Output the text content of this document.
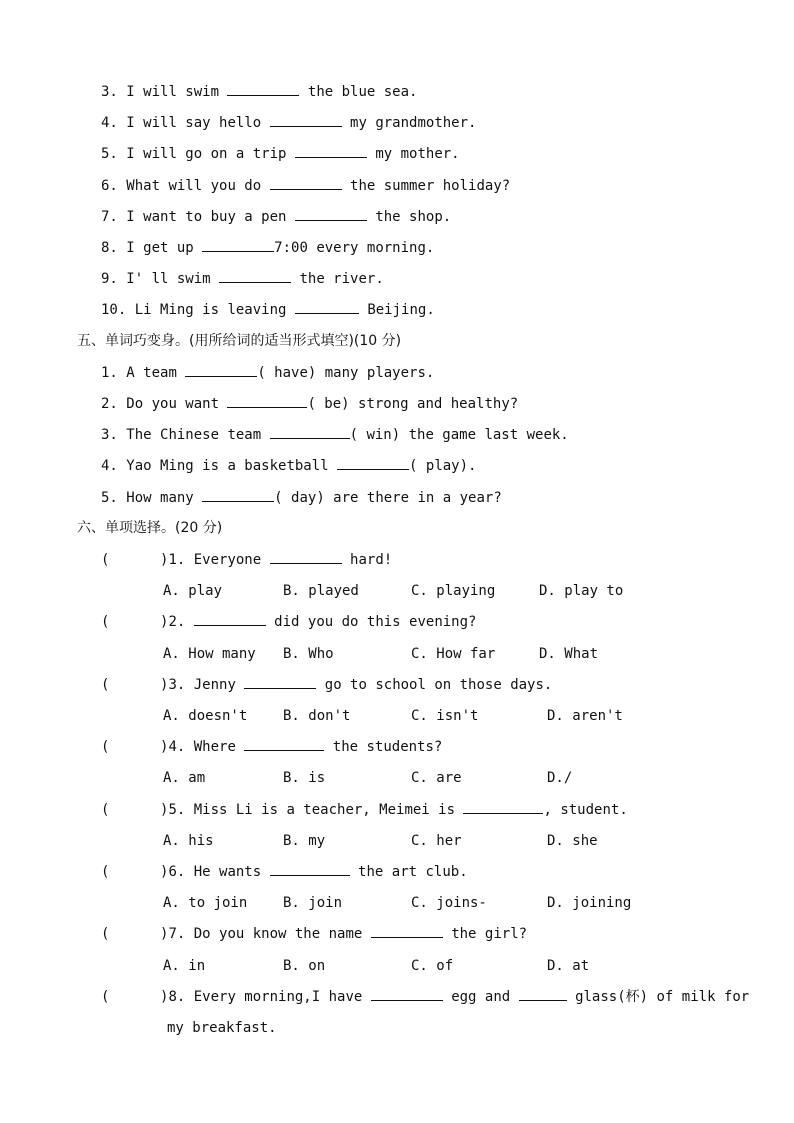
3. I will swim	the blue sea.
4. I will say hello	my grandmother.
5. I will go on a trip	my mother.
6. What will you do	the summer holiday?
7. I want to buy a pen	the shop.
8. I get up	7:00 every morning.
9. I' ll swim	the river.
10. Li Ming is leaving	Beijing.
五、单词巧变身。(用所给词的适当形式填空)(10 分)
1. A team	( have) many players.
2. Do you want	( be) strong and healthy?
3. The Chinese team	( win) the game last week.
4. Yao Ming is a basketball	( play).
5. How many	( day) are there in a year?
六、单项选择。(20 分)
(      )1. Everyone	hard!
A. play	B. played	C. playing	D. play to
(      )2.	did you do this evening?
A. How many B. Who	C. How far	D. What
(      )3. Jenny	go to school on those days.
A. doesn't	B. don't	C. isn't	D. aren't
(      )4. Where	the students?
A. am	B. is	C. are	D./
(      )5. Miss Li is a teacher, Meimei is	, student.
A. his	B. my	C. her	D. she
(      )6. He wants	the art club.
A. to join	B. join	C. joins-	D. joining
(      )7. Do you know the name	the girl?
A. in	B. on	C. of	D. at
(      )8. Every morning,I have	egg and	glass(杯) of milk for
my breakfast.
